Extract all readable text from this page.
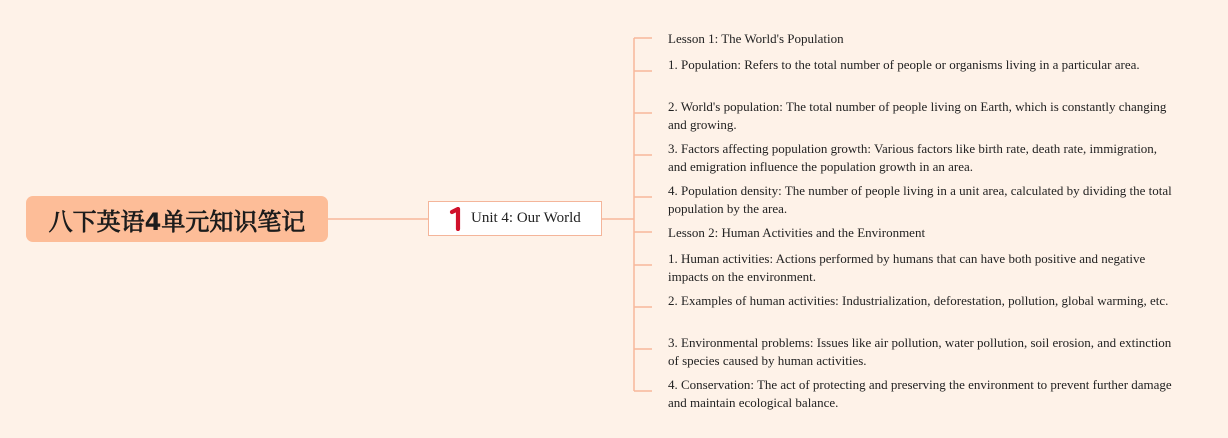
八下英语4单元知识笔记	Unit 4: Our World
Lesson 1: The World's Population
1. Population: Refers to the total number of people or organisms living in a particular area.
2. World's population: The total number of people living on Earth, which is constantly changing and growing.
3. Factors affecting population growth: Various factors like birth rate, death rate, immigration, and emigration influence the population growth in an area.
4. Population density: The number of people living in a unit area, calculated by dividing the total population by the area.
Lesson 2: Human Activities and the Environment
1. Human activities: Actions performed by humans that can have both positive and negative impacts on the environment.
2. Examples of human activities: Industrialization, deforestation, pollution, global warming, etc.
3. Environmental problems: Issues like air pollution, water pollution, soil erosion, and extinction of species caused by human activities.
4. Conservation: The act of protecting and preserving the environment to prevent further damage and maintain ecological balance.
